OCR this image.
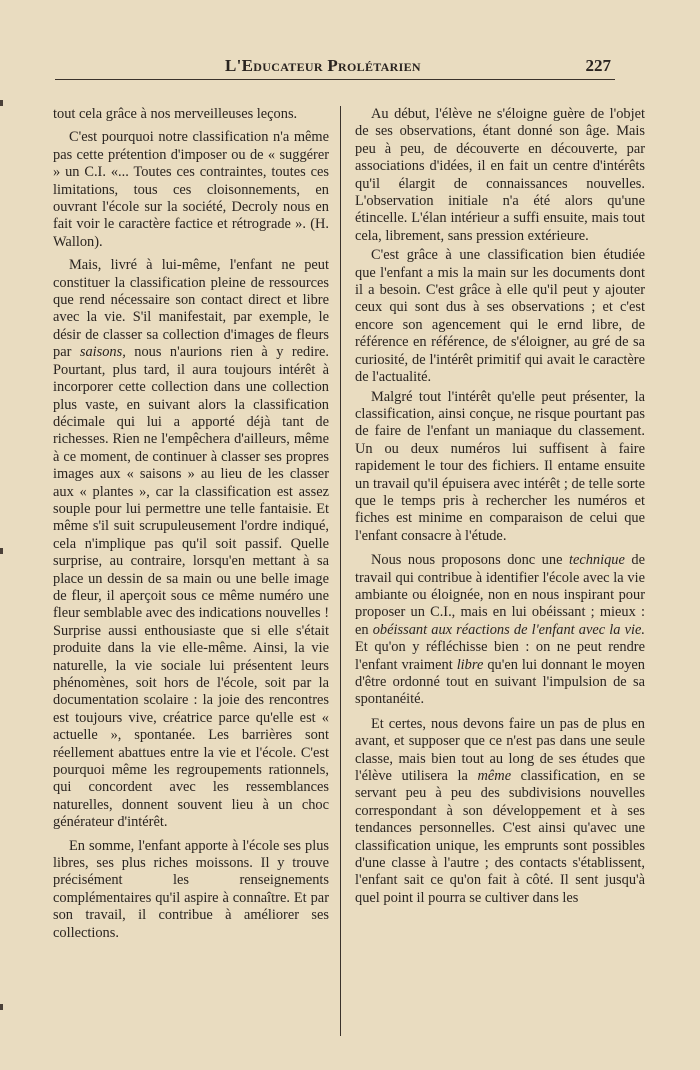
L'Educateur Prolétarien	227

tout cela grâce à nos merveilleuses leçons.

C'est pourquoi notre classification n'a même pas cette prétention d'imposer ou de « suggérer » un C.I. «... Toutes ces contraintes, toutes ces limitations, tous ces cloisonnements, en ouvrant l'école sur la société, Decroly nous en fait voir le caractère factice et rétrograde ». (H. Wallon).

Mais, livré à lui-même, l'enfant ne peut constituer la classification pleine de ressources que rend nécessaire son contact direct et libre avec la vie. S'il manifestait, par exemple, le désir de classer sa collection d'images de fleurs par saisons, nous n'aurions rien à y redire. Pourtant, plus tard, il aura toujours intérêt à incorporer cette collection dans une collection plus vaste, en suivant alors la classification décimale qui lui a apporté déjà tant de richesses. Rien ne l'empêchera d'ailleurs, même à ce moment, de continuer à classer ses propres images aux « saisons » au lieu de les classer aux « plantes », car la classification est assez souple pour lui permettre une telle fantaisie. Et même s'il suit scrupuleusement l'ordre indiqué, cela n'implique pas qu'il soit passif. Quelle surprise, au contraire, lorsqu'en mettant à sa place un dessin de sa main ou une belle image de fleur, il aperçoit sous ce même numéro une fleur semblable avec des indications nouvelles ! Surprise aussi enthousiaste que si elle s'était produite dans la vie elle-même. Ainsi, la vie naturelle, la vie sociale lui présentent leurs phénomènes, soit hors de l'école, soit par la documentation scolaire : la joie des rencontres est toujours vive, créatrice parce qu'elle est « actuelle », spontanée. Les barrières sont réellement abattues entre la vie et l'école. C'est pourquoi même les regroupements rationnels, qui concordent avec les ressemblances naturelles, donnent souvent lieu à un choc générateur d'intérêt.

En somme, l'enfant apporte à l'école ses plus libres, ses plus riches moissons. Il y trouve précisément les renseignements complémentaires qu'il aspire à connaître. Et par son travail, il contribue à améliorer ses collections.

Au début, l'élève ne s'éloigne guère de l'objet de ses observations, étant donné son âge. Mais peu à peu, de découverte en découverte, par associations d'idées, il en fait un centre d'intérêts qu'il élargit de connaissances nouvelles. L'observation initiale n'a été alors qu'une étincelle. L'élan intérieur a suffi ensuite, mais tout cela, librement, sans pression extérieure.

C'est grâce à une classification bien étudiée que l'enfant a mis la main sur les documents dont il a besoin. C'est grâce à elle qu'il peut y ajouter ceux qui sont dus à ses observations ; et c'est encore son agencement qui le ernd libre, de référence en référence, de s'éloigner, au gré de sa curiosité, de l'intérêt primitif qui avait le caractère de l'actualité.

Malgré tout l'intérêt qu'elle peut présenter, la classification, ainsi conçue, ne risque pourtant pas de faire de l'enfant un maniaque du classement. Un ou deux numéros lui suffisent à faire rapidement le tour des fichiers. Il entame ensuite un travail qu'il épuisera avec intérêt ; de telle sorte que le temps pris à rechercher les numéros et fiches est minime en comparaison de celui que l'enfant consacre à l'étude.

Nous nous proposons donc une technique de travail qui contribue à identifier l'école avec la vie ambiante ou éloignée, non en nous inspirant pour proposer un C.I., mais en lui obéissant ; mieux : en obéissant aux réactions de l'enfant avec la vie. Et qu'on y réfléchisse bien : on ne peut rendre l'enfant vraiment libre qu'en lui donnant le moyen d'être ordonné tout en suivant l'impulsion de sa spontanéité.

Et certes, nous devons faire un pas de plus en avant, et supposer que ce n'est pas dans une seule classe, mais bien tout au long de ses études que l'élève utilisera la même classification, en se servant peu à peu des subdivisions nouvelles correspondant à son développement et à ses tendances personnelles. C'est ainsi qu'avec une classification unique, les emprunts sont possibles d'une classe à l'autre ; des contacts s'établissent, l'enfant sait ce qu'on fait à côté. Il sent jusqu'à quel point il pourra se cultiver dans les
